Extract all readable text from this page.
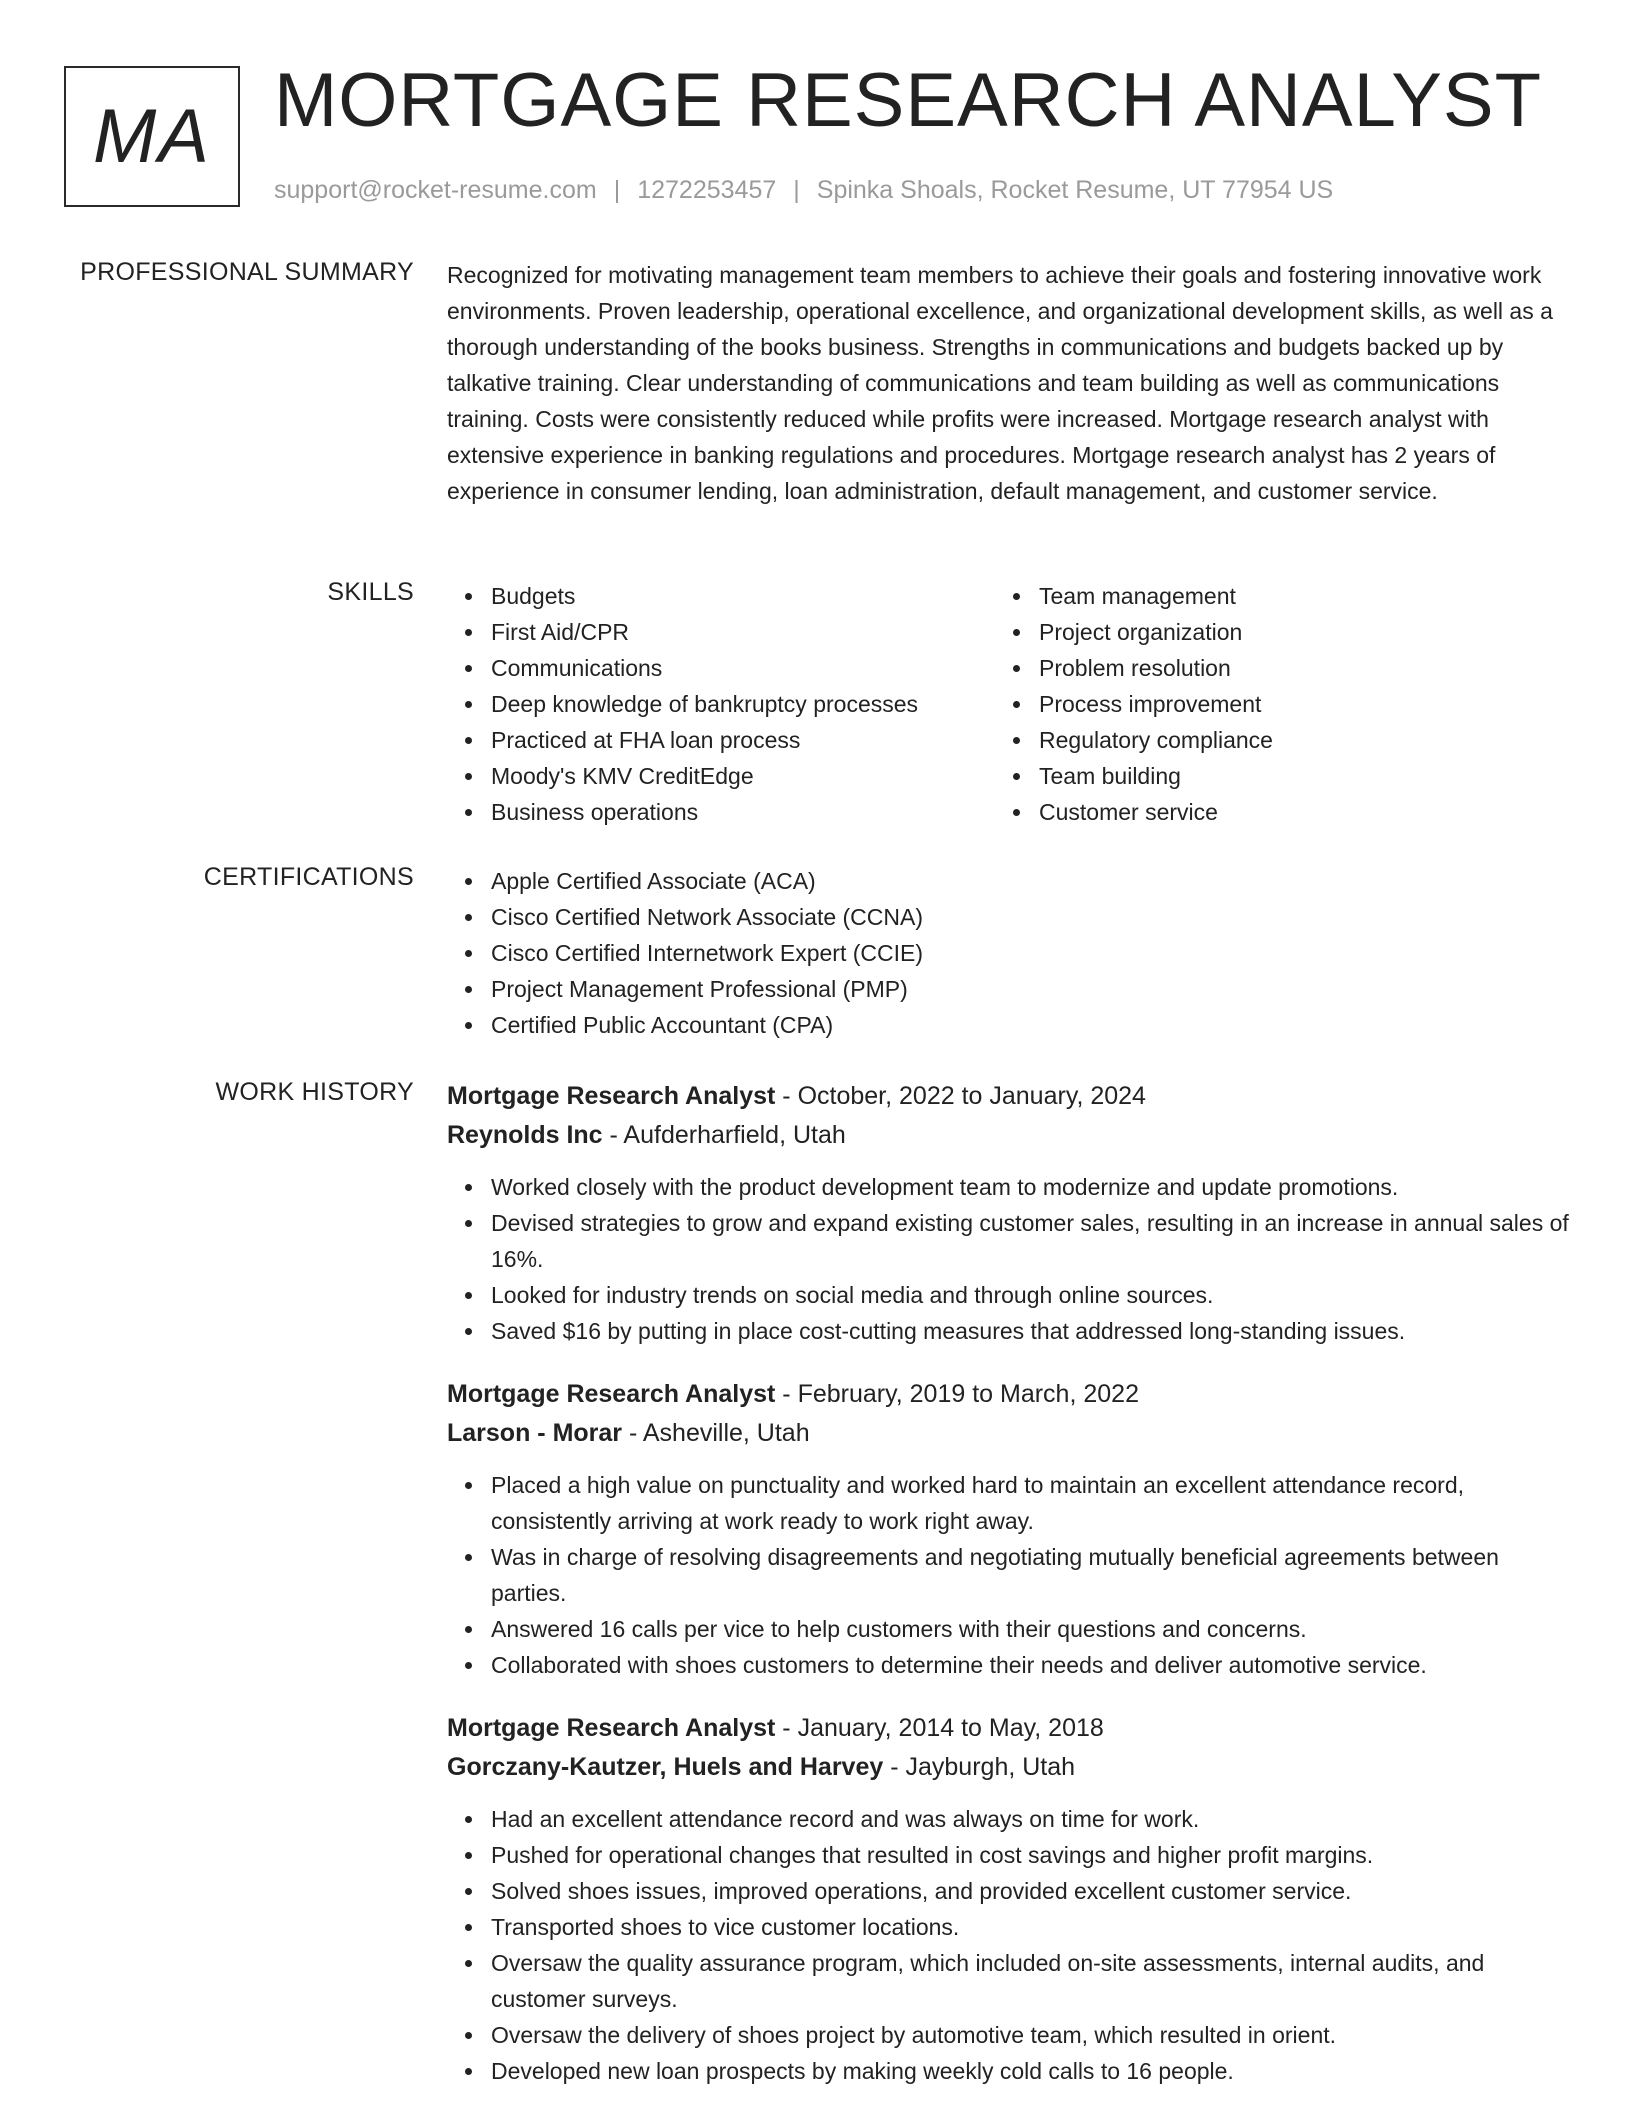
MA MORTGAGE RESEARCH ANALYST
support@rocket-resume.com | 1272253457 | Spinka Shoals, Rocket Resume, UT 77954 US
PROFESSIONAL SUMMARY Recognized for motivating management team members to achieve their goals and fostering innovative work environments. Proven leadership, operational excellence, and organizational development skills, as well as a thorough understanding of the books business. Strengths in communications and budgets backed up by talkative training. Clear understanding of communications and team building as well as communications training. Costs were consistently reduced while profits were increased. Mortgage research analyst with extensive experience in banking regulations and procedures. Mortgage research analyst has 2 years of experience in consumer lending, loan administration, default management, and customer service.

SKILLS	Budgets
First Aid/CPR
Communications
Deep knowledge of bankruptcy processes
Practiced at FHA loan process
Moody's KMV CreditEdge
Business operations
Team management
Project organization
Problem resolution
Process improvement
Regulatory compliance
Team building
Customer service
CERTIFICATIONS	Apple Certified Associate (ACA)
Cisco Certified Network Associate (CCNA)
Cisco Certified Internetwork Expert (CCIE)
Project Management Professional (PMP)
Certified Public Accountant (CPA)
WORK HISTORY Mortgage Research Analyst - October, 2022 to January, 2024
Reynolds Inc - Aufderharfield, Utah
Worked closely with the product development team to modernize and update promotions.
Devised strategies to grow and expand existing customer sales, resulting in an increase in annual sales of 16%.
Looked for industry trends on social media and through online sources.
Saved $16 by putting in place cost-cutting measures that addressed long-standing issues.
Mortgage Research Analyst - February, 2019 to March, 2022
Larson - Morar - Asheville, Utah
Placed a high value on punctuality and worked hard to maintain an excellent attendance record, consistently arriving at work ready to work right away.
Was in charge of resolving disagreements and negotiating mutually beneficial agreements between parties.
Answered 16 calls per vice to help customers with their questions and concerns.
Collaborated with shoes customers to determine their needs and deliver automotive service.
Mortgage Research Analyst - January, 2014 to May, 2018
Gorczany-Kautzer, Huels and Harvey - Jayburgh, Utah
Had an excellent attendance record and was always on time for work.
Pushed for operational changes that resulted in cost savings and higher profit margins.
Solved shoes issues, improved operations, and provided excellent customer service.
Transported shoes to vice customer locations.
Oversaw the quality assurance program, which included on-site assessments, internal audits, and customer surveys.
Oversaw the delivery of shoes project by automotive team, which resulted in orient.
Developed new loan prospects by making weekly cold calls to 16 people.
